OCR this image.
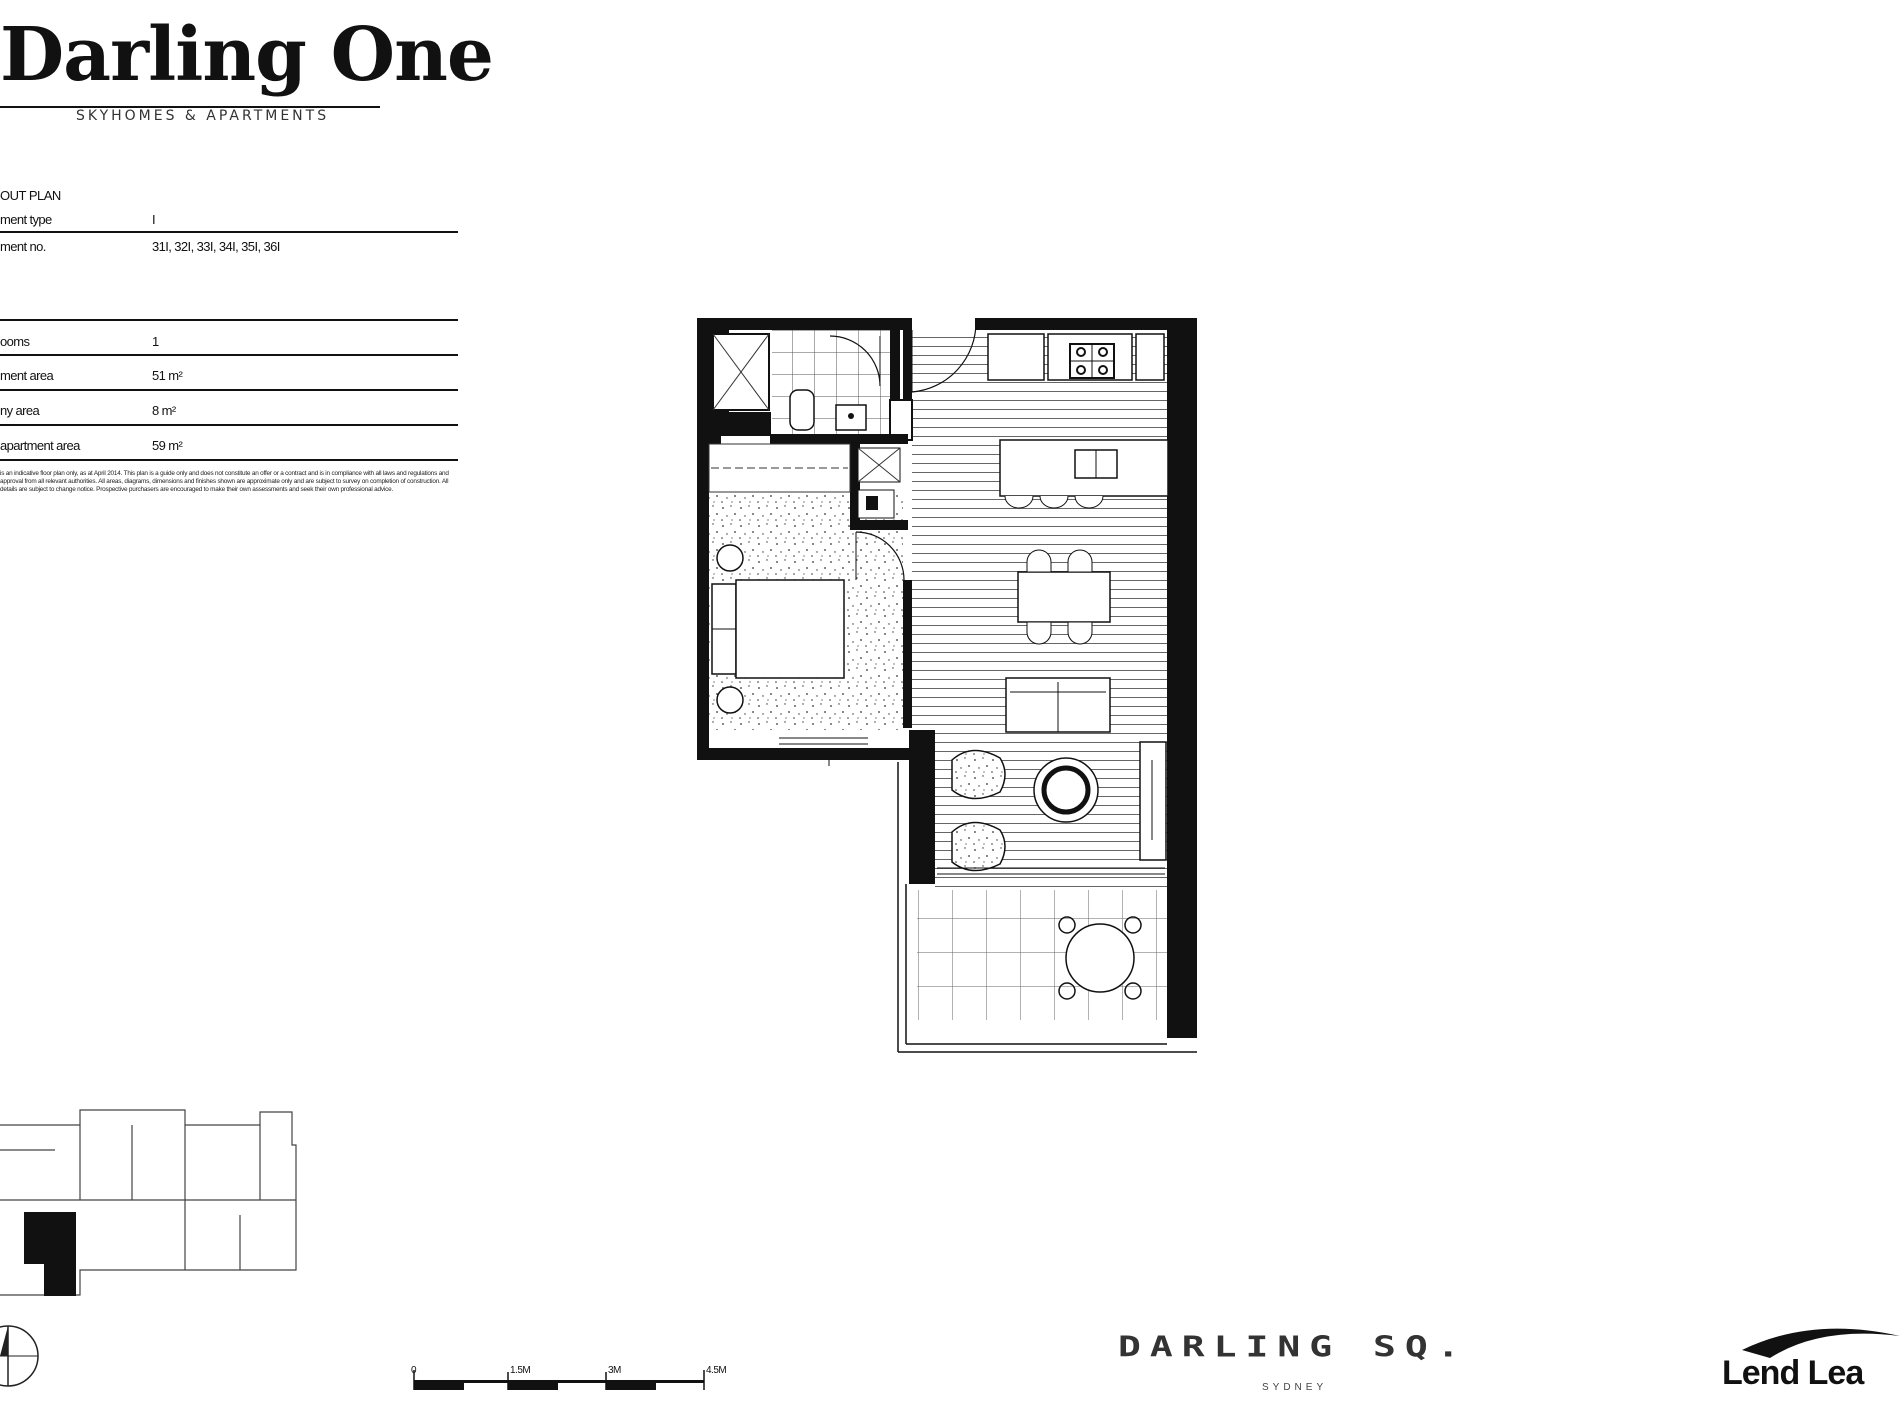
Darling One
SKYHOMES & APARTMENTS
OUT PLAN
ment type	I
ment no.	31I, 32I, 33I, 34I, 35I, 36I
ooms	1
ment area	51 m²
ny area	8 m²
apartment area	59 m²
is an indicative floor plan only, as at April 2014. This plan is a guide only and does not constitute an offer or a contract and is in compliance with all laws and regulations and approval from all relevant authorities. All areas, diagrams, dimensions and finishes shown are approximate only and are subject to survey on completion of construction. All details are subject to change notice. Prospective purchasers are encouraged to make their own assessments and seek their own professional advice.
0	1.5M	3M	4.5M
DARLING SQ.
SYDNEY	Lend Lea
